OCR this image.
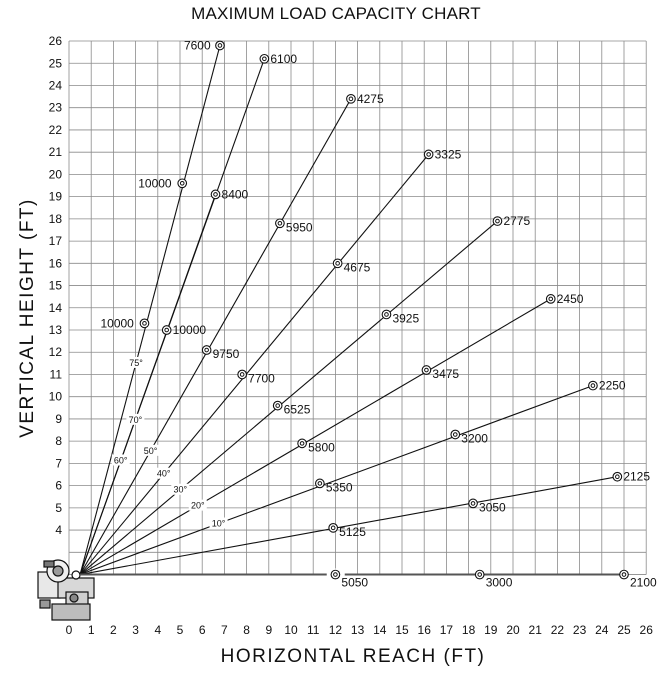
MAXIMUM LOAD CAPACITY CHART
0 1 2 3 4 5 6 7 8 9 10 11 12 13 14 15 16 17 18 19 20 21 22 23 24 25 26
4
5
6
7
8
9
10
11
12
13
14
15
16
17
18
19
20
21
22
23
24
25
26
HORIZONTAL REACH (FT)
VERTICAL HEIGHT (FT)	75°
70°
60°
50°
40°
30°
20°
10°
10000
7600
10000
6100
10000
8400
9750
5950
4275
7700
4675
3325
6525
3925
2775
5800
3475
2450
5350
3200
2250
5125
3050
2125
5050	3000	2100
